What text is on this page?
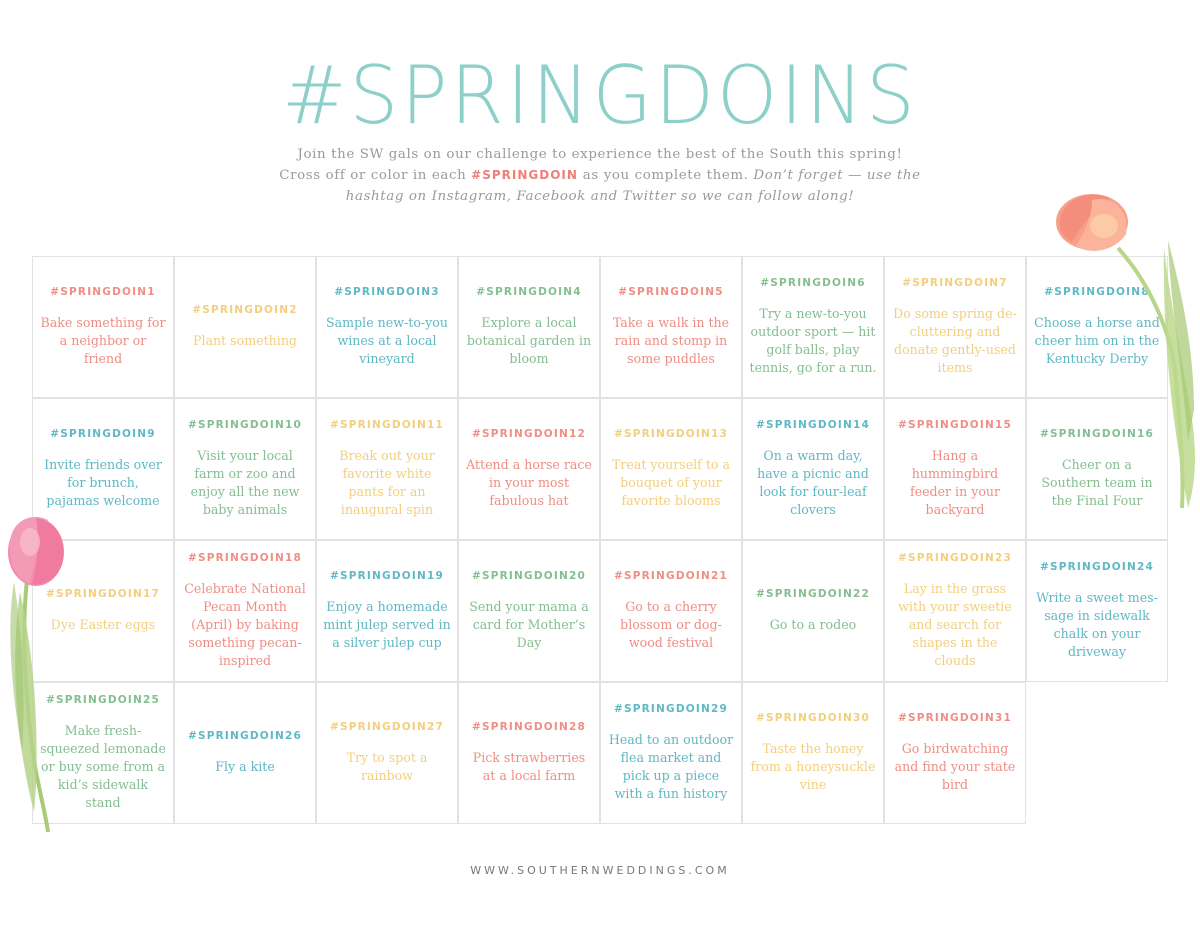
#SPRINGDOINS
Join the SW gals on our challenge to experience the best of the South this spring!
Cross off or color in each #SPRINGDOIN as you complete them. Don’t forget — use the
hashtag on Instagram, Facebook and Twitter so we can follow along!
#SPRINGDOIN1
Bake something for a neighbor or friend
#SPRINGDOIN2
Plant something
#SPRINGDOIN3
Sample new-to-you wines at a local vineyard
#SPRINGDOIN4
Explore a local botanical garden in bloom
#SPRINGDOIN5
Take a walk in the rain and stomp in some puddles
#SPRINGDOIN6
Try a new-to-you outdoor sport — hit golf balls, play tennis, go for a run.
#SPRINGDOIN7
Do some spring de-cluttering and donate gently-used items
#SPRINGDOIN8
Choose a horse and cheer him on in the Kentucky Derby
#SPRINGDOIN9
Invite friends over for brunch, pajamas welcome
#SPRINGDOIN10
Visit your local farm or zoo and enjoy all the new baby animals
#SPRINGDOIN11
Break out your favorite white pants for an inaugural spin
#SPRINGDOIN12
Attend a horse race in your most fabulous hat
#SPRINGDOIN13
Treat yourself to a bouquet of your favorite blooms
#SPRINGDOIN14
On a warm day, have a picnic and look for four-leaf clovers
#SPRINGDOIN15
Hang a hummingbird feeder in your backyard
#SPRINGDOIN16
Cheer on a Southern team in the Final Four
#SPRINGDOIN17
Dye Easter eggs
#SPRINGDOIN18
Celebrate National Pecan Month (April) by baking something pecan-inspired
#SPRINGDOIN19
Enjoy a homemade mint julep served in a silver julep cup
#SPRINGDOIN20
Send your mama a card for Mother’s Day
#SPRINGDOIN21
Go to a cherry blossom or dog-wood festival
#SPRINGDOIN22
Go to a rodeo
#SPRINGDOIN23
Lay in the grass with your sweetie and search for shapes in the clouds
#SPRINGDOIN24
Write a sweet mes-sage in sidewalk chalk on your driveway
#SPRINGDOIN25
Make fresh-squeezed lemonade or buy some from a kid’s sidewalk stand
#SPRINGDOIN26
Fly a kite
#SPRINGDOIN27
Try to spot a rainbow
#SPRINGDOIN28
Pick strawberries at a local farm
#SPRINGDOIN29
Head to an outdoor flea market and pick up a piece with a fun history
#SPRINGDOIN30
Taste the honey from a honeysuckle vine
#SPRINGDOIN31
Go birdwatching and find your state bird
WWW.SOUTHERNWEDDINGS.COM
